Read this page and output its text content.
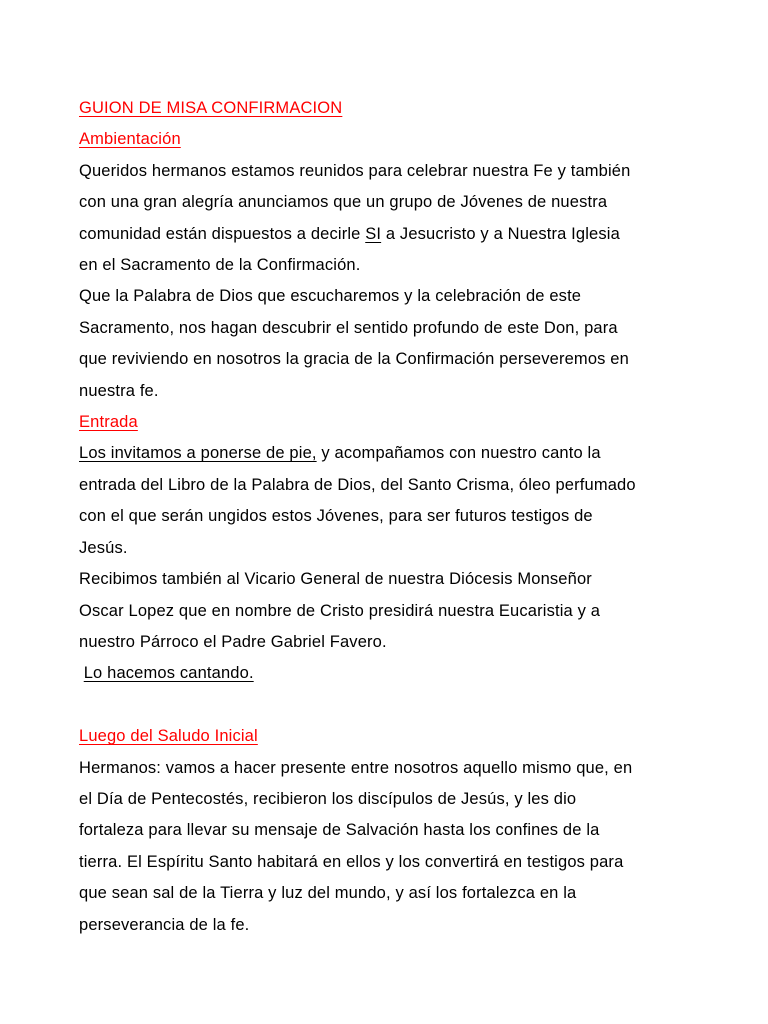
GUION DE MISA CONFIRMACION
Ambientación
Queridos hermanos estamos reunidos para celebrar nuestra Fe y también
con una gran alegría anunciamos que un grupo de Jóvenes de nuestra
comunidad están dispuestos a decirle SI a Jesucristo y a Nuestra Iglesia
en el Sacramento de la Confirmación.
Que la Palabra de Dios que escucharemos y la celebración de este
Sacramento, nos hagan descubrir el sentido profundo de este Don, para
que reviviendo en nosotros la gracia de la Confirmación perseveremos en
nuestra fe.
Entrada
Los invitamos a ponerse de pie, y acompañamos con nuestro canto la
entrada del Libro de la Palabra de Dios, del Santo Crisma, óleo perfumado
con el que serán ungidos estos Jóvenes, para ser futuros testigos de
Jesús.
Recibimos también al Vicario General de nuestra Diócesis Monseñor
Oscar Lopez que en nombre de Cristo presidirá nuestra Eucaristia y a
nuestro Párroco el Padre Gabriel Favero.
Lo hacemos cantando.
Luego del Saludo Inicial
Hermanos: vamos a hacer presente entre nosotros aquello mismo que, en
el Día de Pentecostés, recibieron los discípulos de Jesús, y les dio
fortaleza para llevar su mensaje de Salvación hasta los confines de la
tierra. El Espíritu Santo habitará en ellos y los convertirá en testigos para
que sean sal de la Tierra y luz del mundo, y así los fortalezca en la
perseverancia de la fe.
